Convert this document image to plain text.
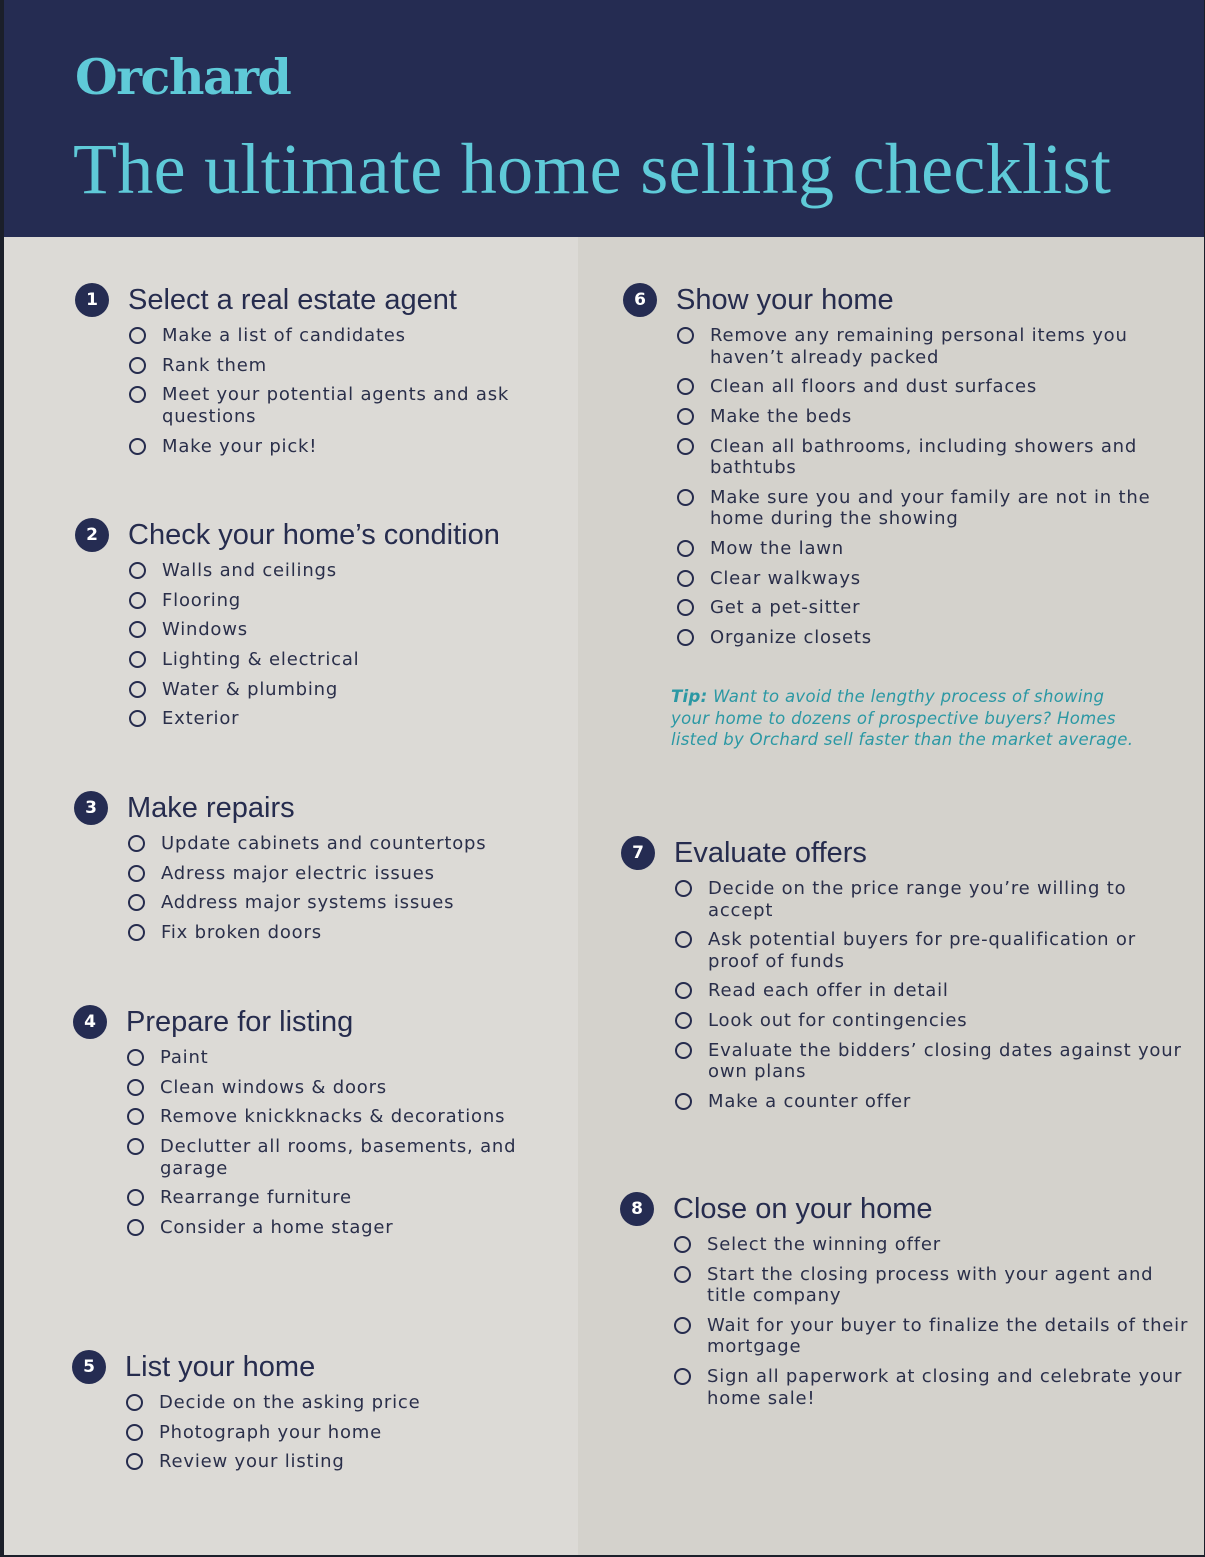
Orchard
The ultimate home selling checklist
1	Select a real estate agent
Make a list of candidates
Rank them
Meet your potential agents and ask questions
Make your pick!
2	Check your home’s condition
Walls and ceilings
Flooring
Windows
Lighting & electrical
Water & plumbing
Exterior
3	Make repairs
Update cabinets and countertops
Adress major electric issues
Address major systems issues
Fix broken doors
4	Prepare for listing
Paint
Clean windows & doors
Remove knickknacks & decorations
Declutter all rooms, basements, and garage
Rearrange furniture
Consider a home stager
5	List your home
Decide on the asking price
Photograph your home
Review your listing
6	Show your home
Remove any remaining personal items you haven’t already packed
Clean all floors and dust surfaces
Make the beds
Clean all bathrooms, including showers and bathtubs
Make sure you and your family are not in the home during the showing
Mow the lawn
Clear walkways
Get a pet-sitter
Organize closets
7	Evaluate offers
Decide on the price range you’re willing to accept
Ask potential buyers for pre-qualification or proof of funds
Read each offer in detail
Look out for contingencies
Evaluate the bidders’ closing dates against your own plans
Make a counter offer
8	Close on your home
Select the winning offer
Start the closing process with your agent and title company
Wait for your buyer to finalize the details of their mortgage
Sign all paperwork at closing and celebrate your home sale!
Tip: Want to avoid the lengthy process of showing your home to dozens of prospective buyers? Homes listed by Orchard sell faster than the market average.
